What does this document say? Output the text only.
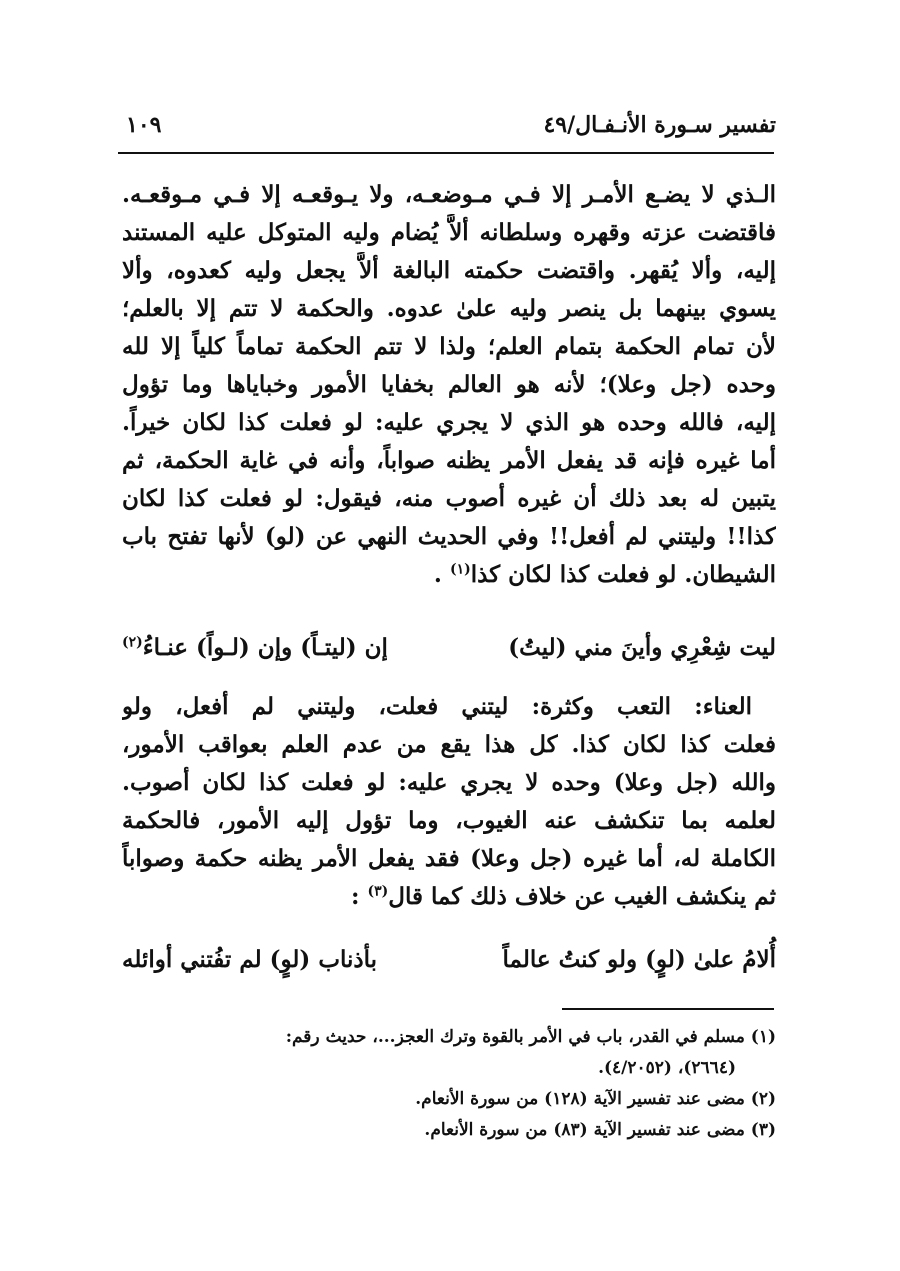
تفسير سـورة الأنـفـال/٤٩
١٠٩
الـذي لا يضـع الأمـر إلا فـي مـوضعـه، ولا يـوقعـه إلا فـي مـوقعـه.
فاقتضت عزته وقهره وسلطانه ألاَّ يُضام وليه المتوكل عليه المستند
إليه، وألا يُقهر. واقتضت حكمته البالغة ألاَّ يجعل وليه كعدوه، وألا
يسوي بينهما بل ينصر وليه علىٰ عدوه. والحكمة لا تتم إلا بالعلم؛
لأن تمام الحكمة بتمام العلم؛ ولذا لا تتم الحكمة تماماً كلياً إلا لله
وحده (جل وعلا)؛ لأنه هو العالم بخفايا الأمور وخباياها وما تؤول
إليه، فالله وحده هو الذي لا يجري عليه: لو فعلت كذا لكان خيراً.
أما غيره فإنه قد يفعل الأمر يظنه صواباً، وأنه في غاية الحكمة، ثم
يتبين له بعد ذلك أن غيره أصوب منه، فيقول: لو فعلت كذا لكان
كذا!! وليتني لم أفعل!! وفي الحديث النهي عن (لو) لأنها تفتح باب
الشيطان. لو فعلت كذا لكان كذا$^{(١)}$ .
ليت شِعْرِي وأينَ مني (ليتُ)
إن (ليتـاً) وإن (لـواً) عنـاءُ$^{(٢)}$
العناء: التعب وكثرة: ليتني فعلت، وليتني لم أفعل، ولو
فعلت كذا لكان كذا. كل هذا يقع من عدم العلم بعواقب الأمور،
والله (جل وعلا) وحده لا يجري عليه: لو فعلت كذا لكان أصوب.
لعلمه بما تنكشف عنه الغيوب، وما تؤول إليه الأمور، فالحكمة
الكاملة له، أما غيره (جل وعلا) فقد يفعل الأمر يظنه حكمة وصواباً
ثم ينكشف الغيب عن خلاف ذلك كما قال$^{(٣)}$ :
أُلامُ علىٰ (لوٍ) ولو كنتُ عالماً
بأذناب (لوٍ) لم تفُتني أوائله
(١) مسلم في القدر، باب في الأمر بالقوة وترك العجز...، حديث رقم:
(٢٦٦٤)، (٤/٢٠٥٢).
(٢) مضى عند تفسير الآية (١٢٨) من سورة الأنعام.
(٣) مضى عند تفسير الآية (٨٣) من سورة الأنعام.
